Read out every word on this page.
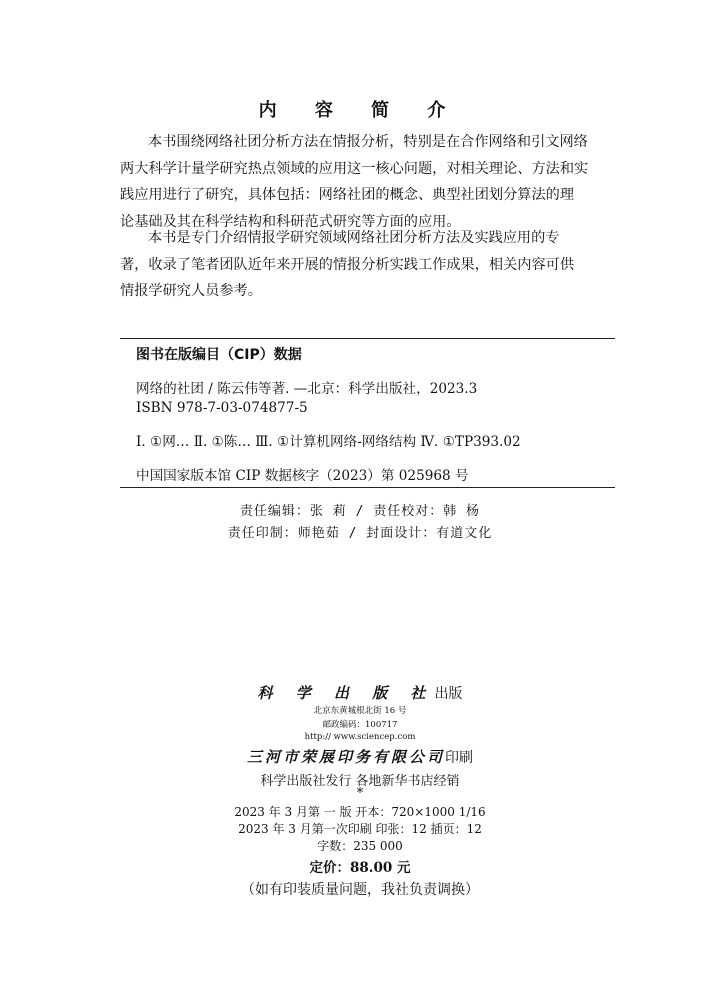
内 容 简 介
本书围绕网络社团分析方法在情报分析，特别是在合作网络和引文网络
两大科学计量学研究热点领域的应用这一核心问题，对相关理论、方法和实
践应用进行了研究，具体包括：网络社团的概念、典型社团划分算法的理
论基础及其在科学结构和科研范式研究等方面的应用。
本书是专门介绍情报学研究领域网络社团分析方法及实践应用的专
著，收录了笔者团队近年来开展的情报分析实践工作成果，相关内容可供
情报学研究人员参考。
图书在版编目（CIP）数据
网络的社团 / 陈云伟等著. —北京：科学出版社，2023.3
ISBN 978-7-03-074877-5
Ⅰ. ①网… Ⅱ. ①陈… Ⅲ. ①计算机网络-网络结构 Ⅳ. ①TP393.02
中国国家版本馆 CIP 数据核字（2023）第 025968 号
责任编辑：张 莉 / 责任校对：韩 杨
责任印制：师艳茹 / 封面设计：有道文化
科 学 出 版 社出版
北京东黄城根北街 16 号
邮政编码：100717
http:// www.sciencep.com
三河市荣展印务有限公司印刷
科学出版社发行 各地新华书店经销
*
2023 年 3 月第 一 版 开本：720×1000 1/16
2023 年 3 月第一次印刷 印张：12 插页：12
字数：235 000
定价：88.00 元
（如有印装质量问题，我社负责调换）
